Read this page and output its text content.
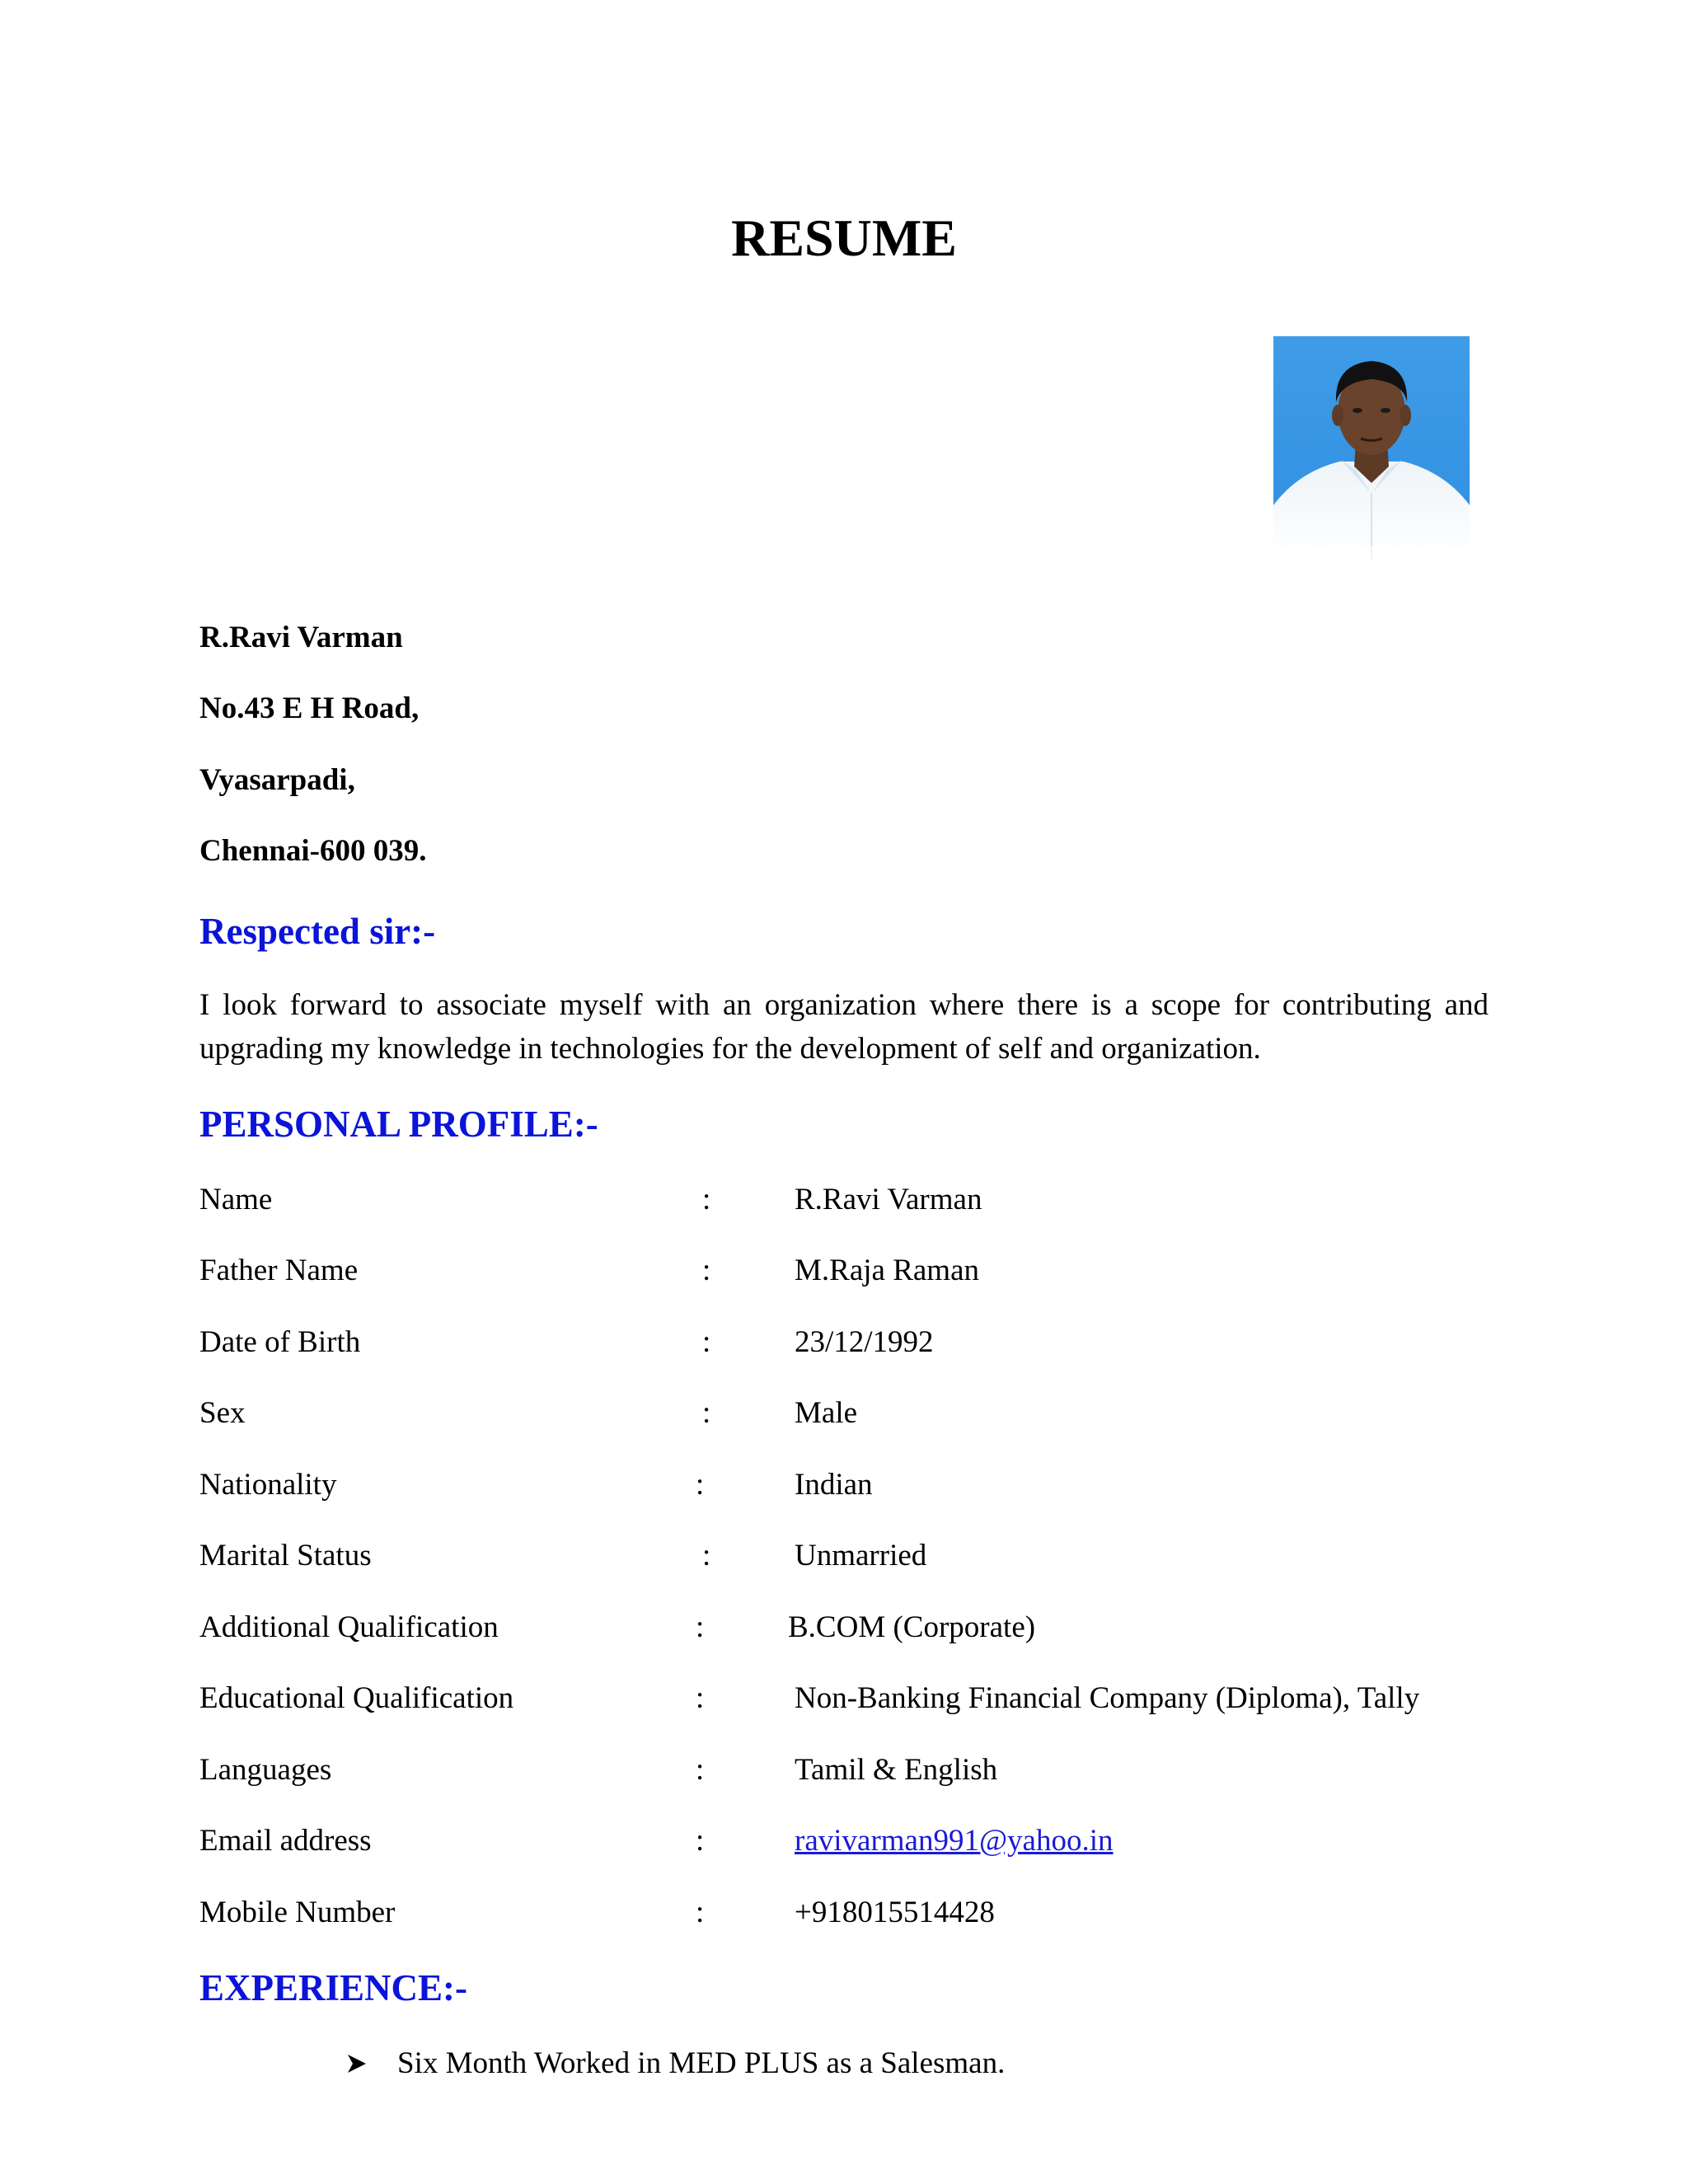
RESUME
R.Ravi Varman
No.43 E H Road,
Vyasarpadi,
Chennai-600 039.
Respected sir:-
I look forward to associate myself with an organization where there is a scope for contributing and upgrading my knowledge in technologies for the development of self and organization.
PERSONAL PROFILE:-
Name	:	R.Ravi Varman
Father Name	:	M.Raja Raman
Date of Birth	:	23/12/1992
Sex	:	Male
Nationality	:	Indian
Marital Status	:	Unmarried
Additional Qualification	:	B.COM (Corporate)
Educational Qualification	:	Non-Banking Financial Company (Diploma), Tally
Languages	:	Tamil & English
Email address	:	ravivarman991@yahoo.in
Mobile Number	:	+918015514428
EXPERIENCE:-
Six Month Worked in MED PLUS as a Salesman.
